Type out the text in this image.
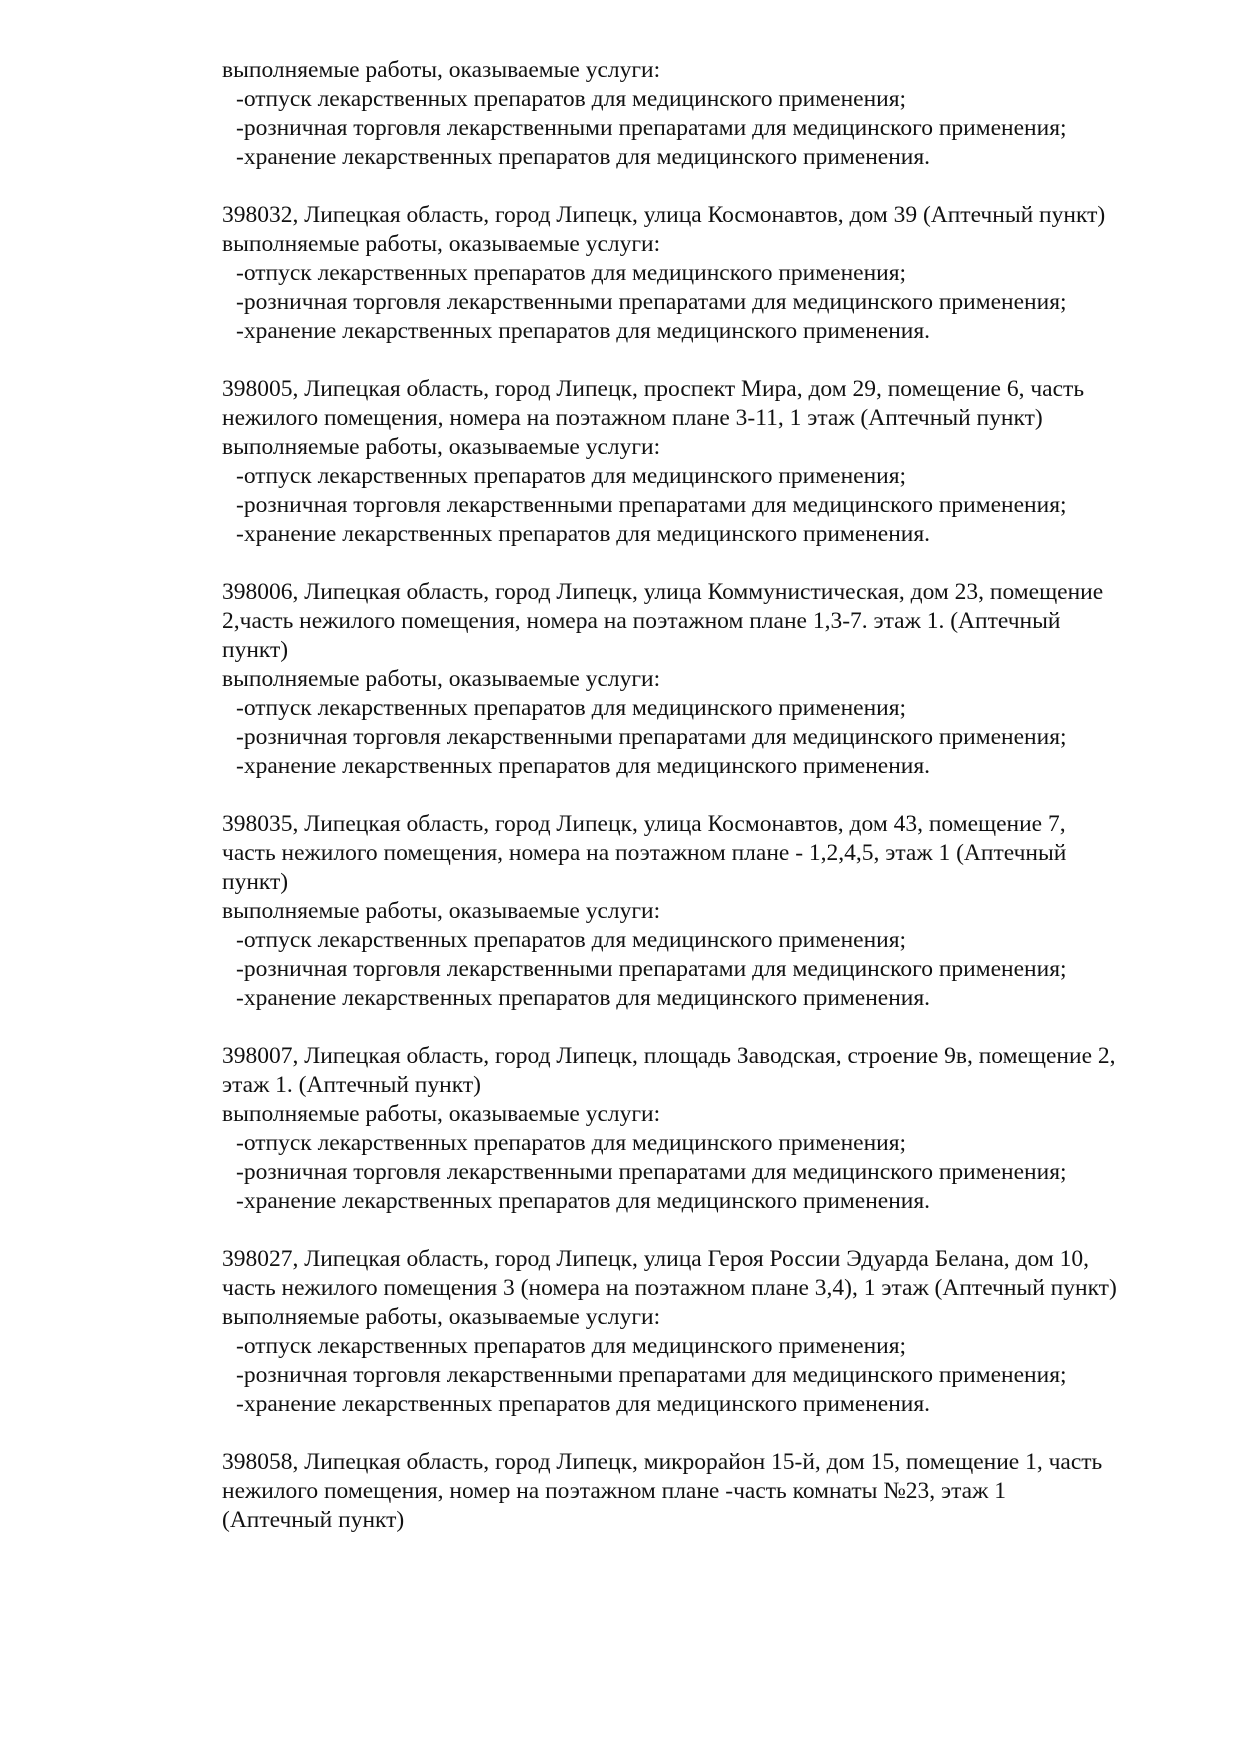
выполняемые работы, оказываемые услуги:
-отпуск лекарственных препаратов для медицинского применения;
-розничная торговля лекарственными препаратами для медицинского применения;
-хранение лекарственных препаратов для медицинского применения.
398032, Липецкая область, город Липецк, улица Космонавтов, дом 39 (Аптечный пункт)
выполняемые работы, оказываемые услуги:
-отпуск лекарственных препаратов для медицинского применения;
-розничная торговля лекарственными препаратами для медицинского применения;
-хранение лекарственных препаратов для медицинского применения.
398005, Липецкая область, город Липецк, проспект Мира, дом 29, помещение 6, часть
нежилого помещения, номера на поэтажном плане 3-11, 1 этаж (Аптечный пункт)
выполняемые работы, оказываемые услуги:
-отпуск лекарственных препаратов для медицинского применения;
-розничная торговля лекарственными препаратами для медицинского применения;
-хранение лекарственных препаратов для медицинского применения.
398006, Липецкая область, город Липецк, улица Коммунистическая, дом 23, помещение
2,часть нежилого помещения, номера на поэтажном плане 1,3-7. этаж 1. (Аптечный
пункт)
выполняемые работы, оказываемые услуги:
-отпуск лекарственных препаратов для медицинского применения;
-розничная торговля лекарственными препаратами для медицинского применения;
-хранение лекарственных препаратов для медицинского применения.
398035, Липецкая область, город Липецк, улица Космонавтов, дом 43, помещение 7,
часть нежилого помещения, номера на поэтажном плане - 1,2,4,5, этаж 1 (Аптечный
пункт)
выполняемые работы, оказываемые услуги:
-отпуск лекарственных препаратов для медицинского применения;
-розничная торговля лекарственными препаратами для медицинского применения;
-хранение лекарственных препаратов для медицинского применения.
398007, Липецкая область, город Липецк, площадь Заводская, строение 9в, помещение 2,
этаж 1. (Аптечный пункт)
выполняемые работы, оказываемые услуги:
-отпуск лекарственных препаратов для медицинского применения;
-розничная торговля лекарственными препаратами для медицинского применения;
-хранение лекарственных препаратов для медицинского применения.
398027, Липецкая область, город Липецк, улица Героя России Эдуарда Белана, дом 10,
часть нежилого помещения 3 (номера на поэтажном плане 3,4), 1 этаж (Аптечный пункт)
выполняемые работы, оказываемые услуги:
-отпуск лекарственных препаратов для медицинского применения;
-розничная торговля лекарственными препаратами для медицинского применения;
-хранение лекарственных препаратов для медицинского применения.
398058, Липецкая область, город Липецк, микрорайон 15-й, дом 15, помещение 1, часть
нежилого помещения, номер на поэтажном плане -часть комнаты №23, этаж 1
(Аптечный пункт)
